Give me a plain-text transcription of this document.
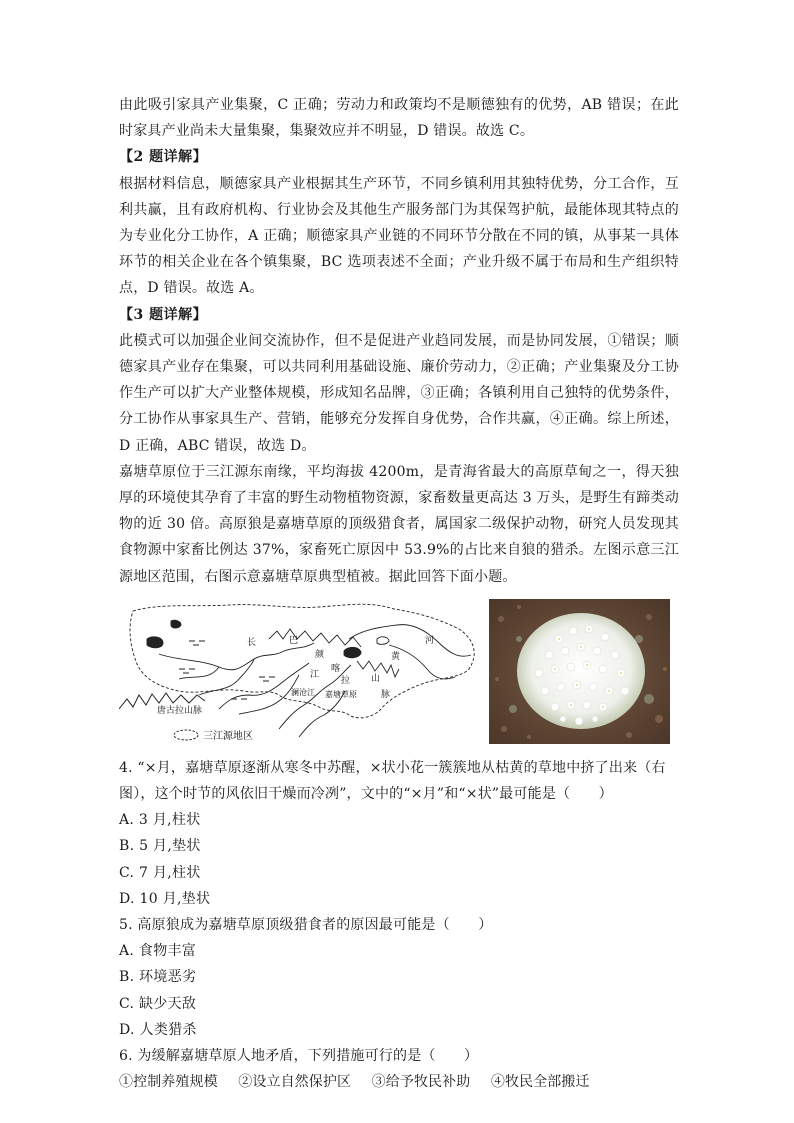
由此吸引家具产业集聚，C 正确；劳动力和政策均不是顺德独有的优势，AB 错误；在此时家具产业尚未大量集聚，集聚效应并不明显，D 错误。故选 C。

【2 题详解】

根据材料信息，顺德家具产业根据其生产环节，不同乡镇利用其独特优势，分工合作，互利共赢，且有政府机构、行业协会及其他生产服务部门为其保驾护航，最能体现其特点的为专业化分工协作，A 正确；顺德家具产业链的不同环节分散在不同的镇，从事某一具体环节的相关企业在各个镇集聚，BC 选项表述不全面；产业升级不属于布局和生产组织特点，D 错误。故选 A。

【3 题详解】

此模式可以加强企业间交流协作，但不是促进产业趋同发展，而是协同发展，①错误；顺德家具产业存在集聚，可以共同利用基础设施、廉价劳动力，②正确；产业集聚及分工协作生产可以扩大产业整体规模，形成知名品牌，③正确；各镇利用自己独特的优势条件，分工协作从事家具生产、营销，能够充分发挥自身优势，合作共赢，④正确。综上所述，D 正确，ABC 错误，故选 D。

嘉塘草原位于三江源东南缘，平均海拔 4200m，是青海省最大的高原草甸之一，得天独厚的环境使其孕育了丰富的野生动物植物资源，家畜数量更高达 3 万头，是野生有蹄类动物的近 30 倍。高原狼是嘉塘草原的顶级猎食者，属国家二级保护动物，研究人员发现其食物源中家畜比例达 37%，家畜死亡原因中 53.9%的占比来自狼的猎杀。左图示意三江源地区范围，右图示意嘉塘草原典型植被。据此回答下面小题。

长	巴
颜
喀
拉
江
嘉塘草原
山
脉
黄
河
澜沧江
唐古拉山脉
三江源地区

4. “×月，嘉塘草原逐渐从寒冬中苏醒，×状小花一簇簇地从枯黄的草地中挤了出来（右图），这个时节的风依旧干燥而冷冽”，文中的“×月”和“×状”最可能是（　　）

A. 3 月,柱状
B. 5 月,垫状
C. 7 月,柱状
D. 10 月,垫状

5. 高原狼成为嘉塘草原顶级猎食者的原因最可能是（　　）

A. 食物丰富
B. 环境恶劣
C. 缺少天敌
D. 人类猎杀

6. 为缓解嘉塘草原人地矛盾，下列措施可行的是（　　）

①控制养殖规模 ②设立自然保护区 ③给予牧民补助 ④牧民全部搬迁
